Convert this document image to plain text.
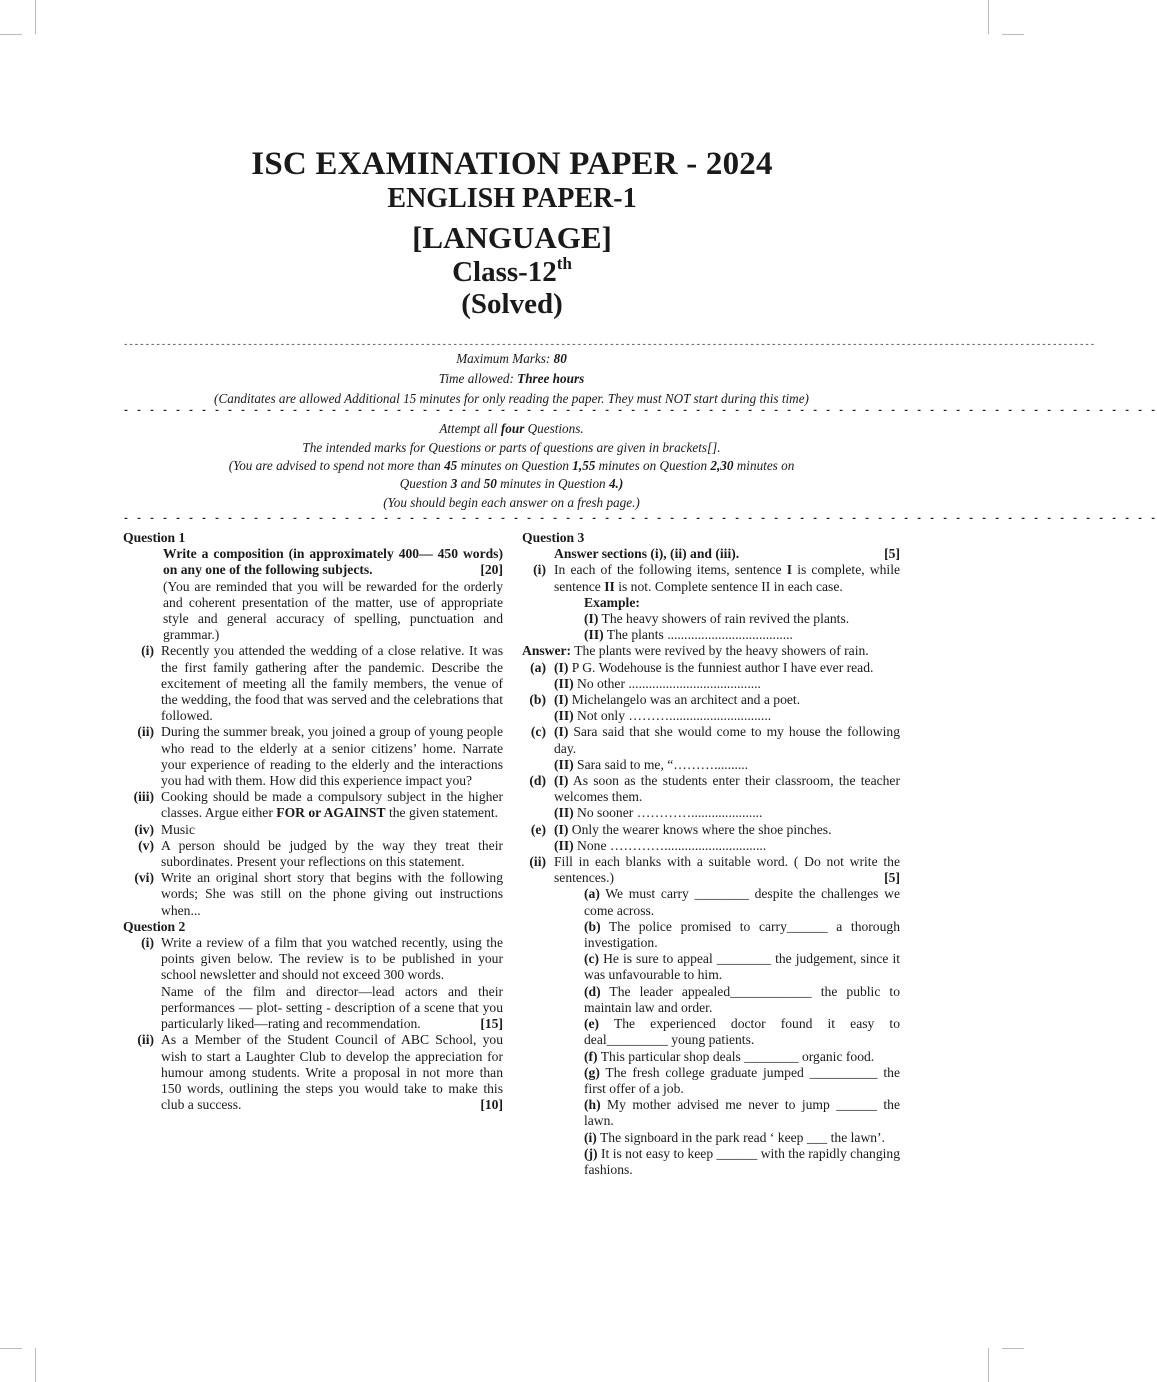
ISC EXAMINATION PAPER - 2024
ENGLISH PAPER-1
[LANGUAGE]
Class-12th
(Solved)
------------------------------------------------------------------------------------------------------------------------------------------------------------------------------------
Maximum Marks: 80
Time allowed: Three hours
(Canditates are allowed Additional 15 minutes for only reading the paper. They must NOT start during this time)
- - - - - - - - - - - - - - - - - - - - - - - - - - - - - - - - - - - - - - - - - - - - - - - - - - - - - - - - - - - - - - - - - - - - - - - - - - - - - - - -
Attempt all four Questions.
The intended marks for Questions or parts of questions are given in brackets[].
(You are advised to spend not more than 45 minutes on Question 1,55 minutes on Question 2,30 minutes on
Question 3 and 50 minutes in Question 4.)
(You should begin each answer on a fresh page.)
- - - - - - - - - - - - - - - - - - - - - - - - - - - - - - - - - - - - - - - - - - - - - - - - - - - - - - - - - - - - - - - - - - - - - - - - - - - - - - - -
Question 1
Write a composition (in approximately 400— 450 words) on any one of the following subjects.	[20]
(You are reminded that you will be rewarded for the orderly and coherent presentation of the matter, use of appropriate style and general accuracy of spelling, punctuation and grammar.)
(i) Recently you attended the wedding of a close relative. It was the first family gathering after the pandemic. Describe the excitement of meeting all the family members, the venue of the wedding, the food that was served and the celebrations that followed.
(ii) During the summer break, you joined a group of young people who read to the elderly at a senior citizens’ home. Narrate your experience of reading to the elderly and the interactions you had with them. How did this experience impact you?
(iii) Cooking should be made a compulsory subject in the higher classes. Argue either FOR or AGAINST the given statement.
(iv) Music
(v) A person should be judged by the way they treat their subordinates. Present your reflections on this statement.
(vi) Write an original short story that begins with the following words; She was still on the phone giving out instructions when...
Question 2
(i) Write a review of a film that you watched recently, using the points given below. The review is to be published in your school newsletter and should not exceed 300 words.
Name of the film and director—lead actors and their performances — plot- setting - description of a scene that you particularly liked—rating and recommendation.	[15]
(ii) As a Member of the Student Council of ABC School, you wish to start a Laughter Club to develop the appreciation for humour among students. Write a proposal in not more than 150 words, outlining the steps you would take to make this club a success.	[10]
Question 3
Answer sections (i), (ii) and (iii).	[5]
(i) In each of the following items, sentence I is complete, while sentence II is not. Complete sentence II in each case.
Example:
(I) The heavy showers of rain revived the plants.
(II) The plants .....................................
Answer: The plants were revived by the heavy showers of rain.
(a) (I) P G. Wodehouse is the funniest author I have ever read.
(II) No other .......................................
(b) (I) Michelangelo was an architect and a poet.
(II) Not only ………..............................
(c) (I) Sara said that she would come to my house the following day.
(II) Sara said to me, “………..........
(d) (I) As soon as the students enter their classroom, the teacher welcomes them.
(II) No sooner ………….....................
(e) (I) Only the wearer knows where the shoe pinches.
(II) None …………..............................
(ii) Fill in each blanks with a suitable word. ( Do not write the sentences.)	[5]
(a) We must carry ________ despite the challenges we come across.
(b) The police promised to carry______ a thorough investigation.
(c) He is sure to appeal ________ the judgement, since it was unfavourable to him.
(d) The leader appealed____________ the public to maintain law and order.
(e) The experienced doctor found it easy to deal_________ young patients.
(f) This particular shop deals ________ organic food.
(g) The fresh college graduate jumped __________ the first offer of a job.
(h) My mother advised me never to jump ______ the lawn.
(i) The signboard in the park read ‘ keep ___ the lawn’.
(j) It is not easy to keep ______ with the rapidly changing fashions.
